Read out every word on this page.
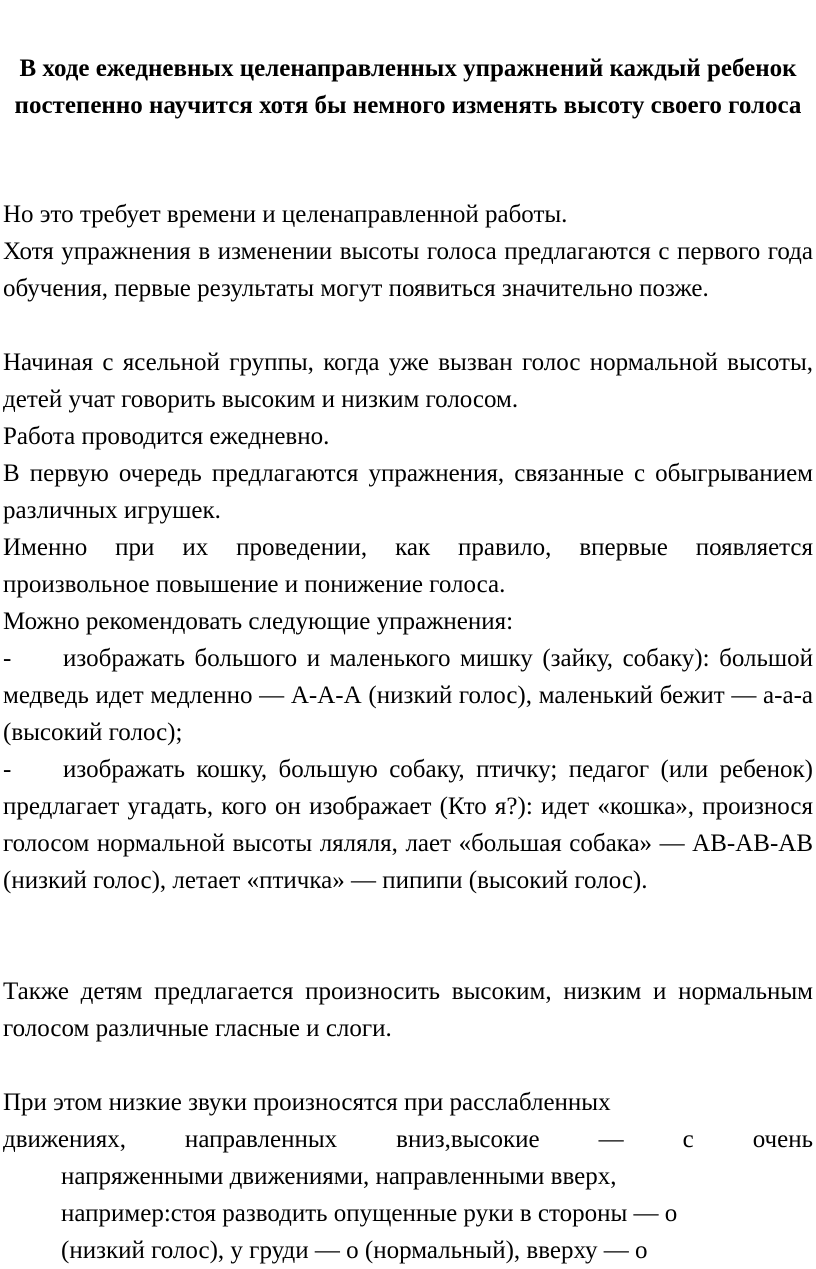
В ходе ежедневных целенаправленных упражнений каждый ребенок постепенно научится хотя бы немного изменять высоту своего голоса
Но это требует времени и целенаправленной работы.
Хотя упражнения в изменении высоты голоса предлагаются с первого года обучения, первые результаты могут появиться значительно позже.
Начиная с ясельной группы, когда уже вызван голос нормальной высоты, детей учат говорить высоким и низким голосом.
Работа проводится ежедневно.
В первую очередь предлагаются упражнения, связанные с обыгрыванием различных игрушек.
Именно при их проведении, как правило, впервые появляется произвольное повышение и понижение голоса.
Можно рекомендовать следующие упражнения:
- изображать большого и маленького мишку (зайку, собаку): большой медведь идет медленно — А-А-А (низкий голос), маленький бежит — а-а-а (высокий голос);
- изображать кошку, большую собаку, птичку; педагог (или ребенок) предлагает угадать, кого он изображает (Кто я?): идет «кошка», произнося голосом нормальной высоты ляляля, лает «большая собака» — АВ-АВ-АВ (низкий голос), летает «птичка» — пипипи (высокий голос).
Также детям предлагается произносить высоким, низким и нормальным голосом различные гласные и слоги.
При этом низкие звуки произносятся при расслабленных
движениях, направленных вниз,высокие — с очень
напряженными движениями, направленными вверх,
например:стоя разводить опущенные руки в стороны — о
(низкий голос), у груди — о (нормальный), вверху — о
